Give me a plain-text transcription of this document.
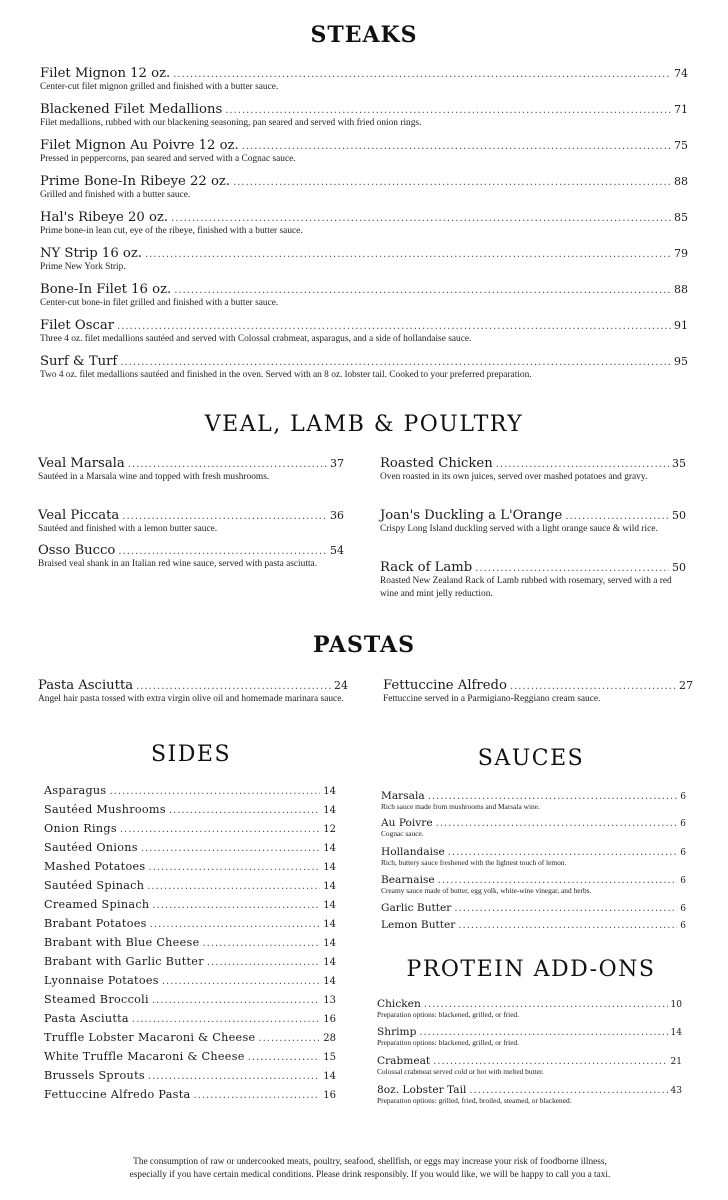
STEAKS
Filet Mignon 12 oz. .....	74
Center-cut filet mignon grilled and finished with a butter sauce.
Blackened Filet Medallions .....	71
Filet medallions, rubbed with our blackening seasoning, pan seared and served with fried onion rings.
Filet Mignon Au Poivre 12 oz. .....	75
Pressed in peppercorns, pan seared and served with a Cognac sauce.
Prime Bone-In Ribeye 22 oz. .....	88
Grilled and finished with a butter sauce.
Hal's Ribeye 20 oz. .....	85
Prime bone-in lean cut, eye of the ribeye, finished with a butter sauce.
NY Strip 16 oz. .....	79
Prime New York Strip.
Bone-In Filet 16 oz. .....	88
Center-cut bone-in filet grilled and finished with a butter sauce.
Filet Oscar .....	91
Three 4 oz. filet medallions sautéed and served with Colossal crabmeat, asparagus, and a side of hollandaise sauce.
Surf & Turf .....	95
Two 4 oz. filet medallions sautéed and finished in the oven. Served with an 8 oz. lobster tail. Cooked to your preferred preparation.
VEAL, LAMB & POULTRY
Veal Marsala .....	37
Sautéed in a Marsala wine and topped with fresh mushrooms.
Veal Piccata .....	36
Sautéed and finished with a lemon butter sauce.
Osso Bucco .....	54
Braised veal shank in an Italian red wine sauce, served with pasta asciutta.
Roasted Chicken .....	35
Oven roasted in its own juices, served over mashed potatoes and gravy.
Joan's Duckling a L'Orange .....	50
Crispy Long Island duckling served with a light orange sauce & wild rice.
Rack of Lamb .....	50
Roasted New Zealand Rack of Lamb rubbed with rosemary, served with a red wine and mint jelly reduction.
PASTAS
Pasta Asciutta .....	24
Angel hair pasta tossed with extra virgin olive oil and homemade marinara sauce.
Fettuccine Alfredo .....	27
Fettuccine served in a Parmigiano-Reggiano cream sauce.
SIDES
Asparagus .....	14
Sautéed Mushrooms .....	14
Onion Rings .....	12
Sautéed Onions .....	14
Mashed Potatoes .....	14
Sautéed Spinach .....	14
Creamed Spinach .....	14
Brabant Potatoes .....	14
Brabant with Blue Cheese .....	14
Brabant with Garlic Butter .....	14
Lyonnaise Potatoes .....	14
Steamed Broccoli .....	13
Pasta Asciutta .....	16
Truffle Lobster Macaroni & Cheese .....	28
White Truffle Macaroni & Cheese .....	15
Brussels Sprouts .....	14
Fettuccine Alfredo Pasta .....	16
SAUCES
Marsala .....	6
Rich sauce made from mushrooms and Marsala wine.
Au Poivre .....	6
Cognac sauce.
Hollandaise .....	6
Rich, buttery sauce freshened with the lightest touch of lemon.
Bearnaise .....	6
Creamy sauce made of butter, egg yolk, white-wine vinegar, and herbs.
Garlic Butter .....	6
Lemon Butter .....	6
PROTEIN ADD-ONS
Chicken .....	10
Preparation options: blackened, grilled, or fried.
Shrimp .....	14
Preparation options: blackened, grilled, or fried.
Crabmeat .....	21
Colossal crabmeat served cold or hot with melted butter.
8oz. Lobster Tail .....	43
Preparation options: grilled, fried, broiled, steamed, or blackened.
The consumption of raw or undercooked meats, poultry, seafood, shellfish, or eggs may increase your risk of foodborne illness,
especially if you have certain medical conditions. Please drink responsibly. If you would like, we will be happy to call you a taxi.
